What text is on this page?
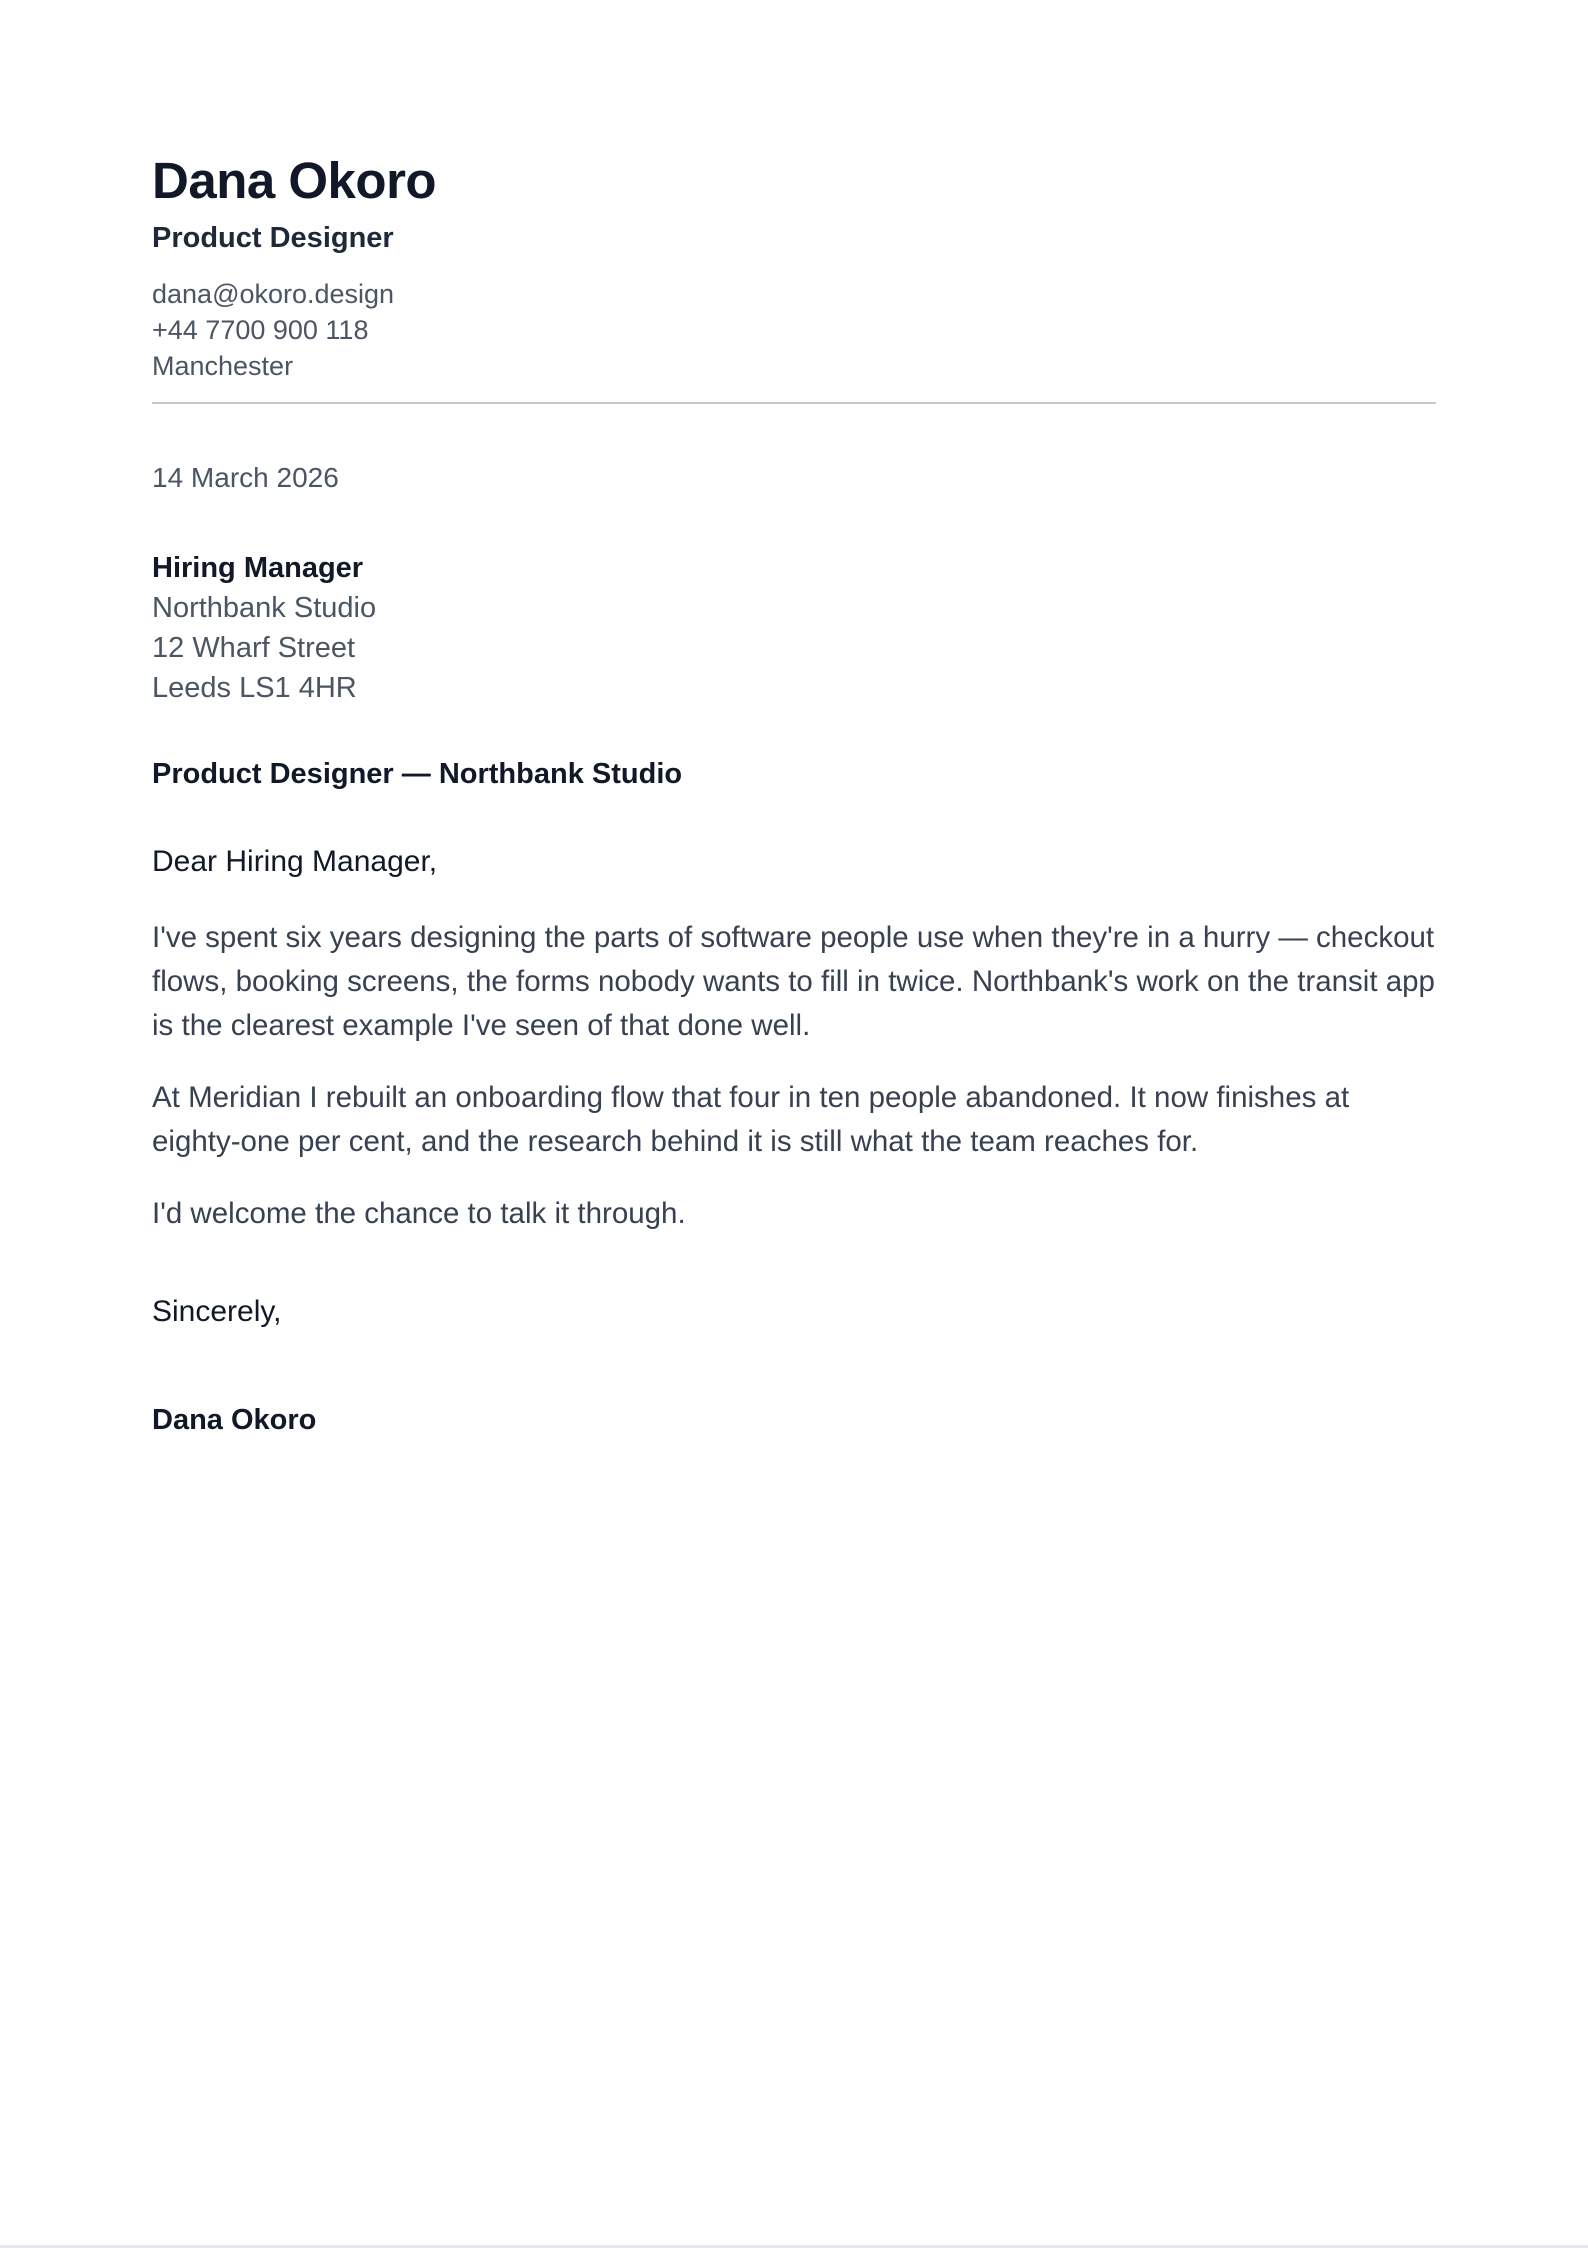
Dana Okoro
Product Designer
dana@okoro.design
+44 7700 900 118
Manchester
14 March 2026
Hiring Manager
Northbank Studio
12 Wharf Street
Leeds LS1 4HR
Product Designer — Northbank Studio
Dear Hiring Manager,

I've spent six years designing the parts of software people use when they're in a hurry — checkout flows, booking screens, the forms nobody wants to fill in twice. Northbank's work on the transit app is the clearest example I've seen of that done well.

At Meridian I rebuilt an onboarding flow that four in ten people abandoned. It now finishes at eighty-one per cent, and the research behind it is still what the team reaches for.

I'd welcome the chance to talk it through.

Sincerely,
Dana Okoro
